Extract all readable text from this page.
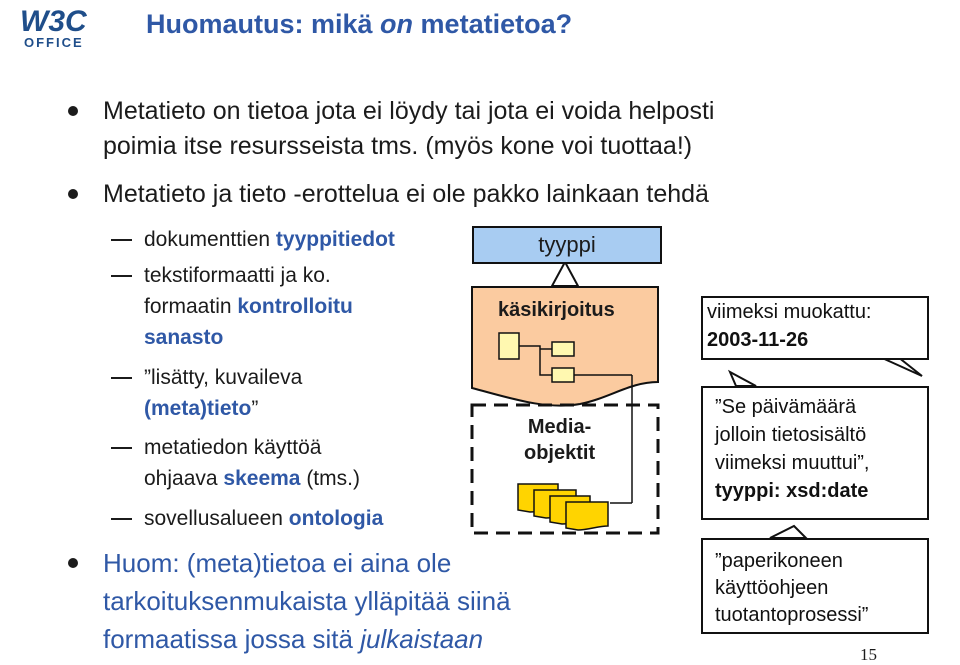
W3C
OFFICE
Huomautus: mikä on metatietoa?
Metatieto on tietoa jota ei löydy tai jota ei voida helposti
poimia itse resursseista tms. (myös kone voi tuottaa!)
Metatieto ja tieto -erottelua ei ole pakko lainkaan tehdä
dokumenttien tyyppitiedot
tekstiformaatti ja ko.
formaatin kontrolloitu
sanasto
”lisätty, kuvaileva
(meta)tieto”
metatiedon käyttöä
ohjaava skeema (tms.)
sovellusalueen ontologia
Huom: (meta)tietoa ei aina ole
tarkoituksenmukaista ylläpitää siinä
formaatissa jossa sitä julkaistaan
tyyppi
käsikirjoitus
Media-
objektit
viimeksi muokattu:
2003-11-26
”Se päivämäärä
jolloin tietosisältö
viimeksi muuttui”,
tyyppi: xsd:date
”paperikoneen
käyttöohjeen
tuotantoprosessi”
15
